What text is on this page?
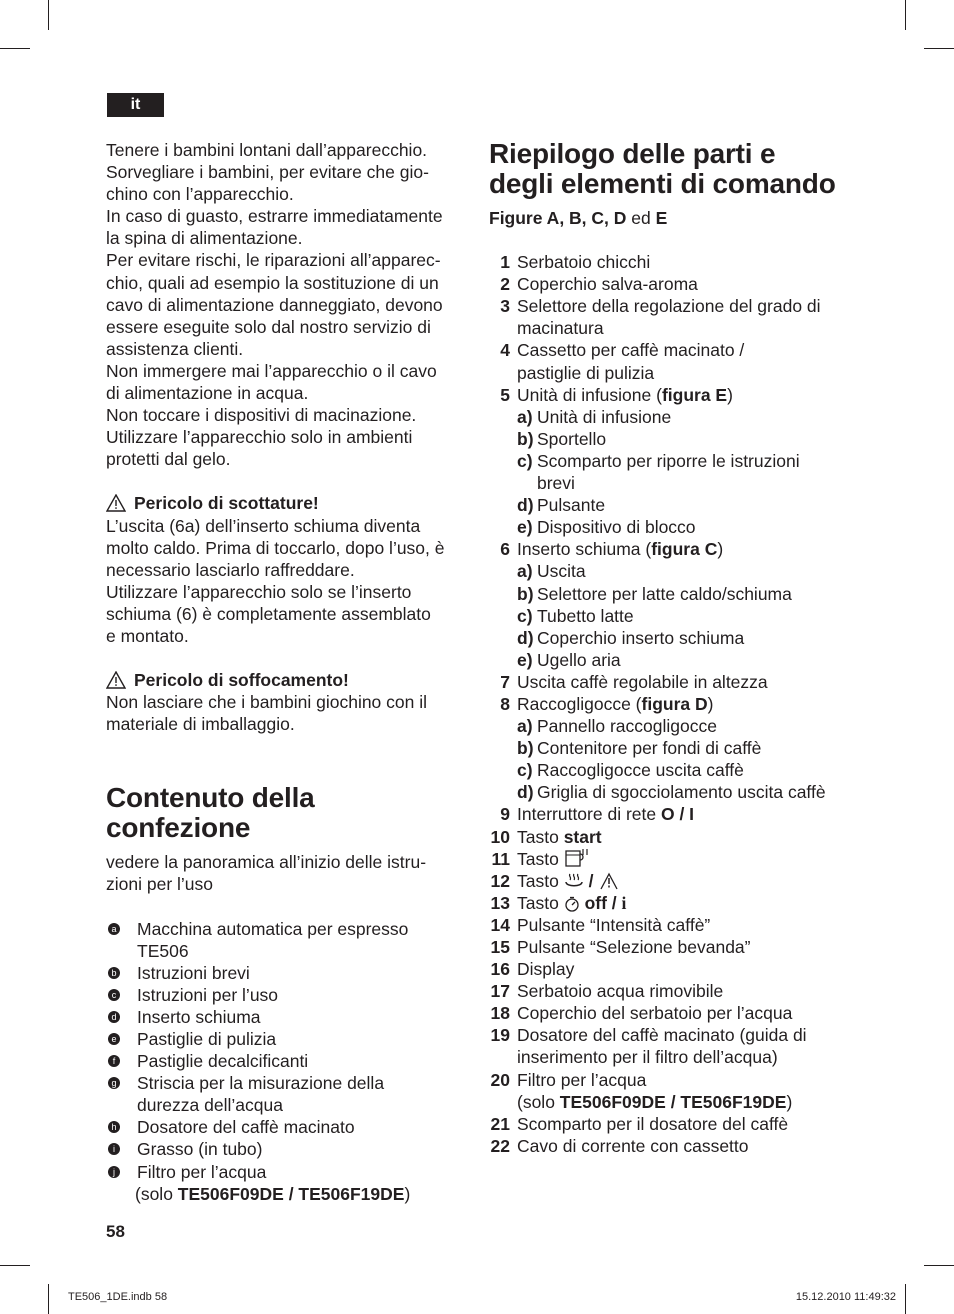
it
Tenere i bambini lontani dall’apparecchio.
Sorvegliare i bambini, per evitare che gio-
chino con l’apparecchio.
In caso di guasto, estrarre immediatamente
la spina di alimentazione.
Per evitare rischi, le riparazioni all’apparec-
chio, quali ad esempio la sostituzione di un
cavo di alimentazione danneggiato, devono
essere eseguite solo dal nostro servizio di
assistenza clienti.
Non immergere mai l’apparecchio o il cavo
di alimentazione in acqua.
Non toccare i dispositivi di macinazione.
Utilizzare l’apparecchio solo in ambienti
protetti dal gelo.
Pericolo di scottature!
L’uscita (6a) dell’inserto schiuma diventa
molto caldo. Prima di toccarlo, dopo l’uso, è
necessario lasciarlo raffreddare.
Utilizzare l’apparecchio solo se l’inserto
schiuma (6) è completamente assemblato
e montato.
Pericolo di soffocamento!
Non lasciare che i bambini giochino con il
materiale di imballaggio.
Contenuto della
confezione

vedere la panoramica all’inizio delle istru-
zioni per l’uso

a Macchina automatica per espresso
TE506
b Istruzioni brevi
c Istruzioni per l’uso
d Inserto schiuma
e Pastiglie di pulizia
f Pastiglie decalcificanti
g Striscia per la misurazione della
durezza dell’acqua
h Dosatore del caffè macinato
i Grasso (in tubo)
j Filtro per l’acqua
(solo TE506F09DE / TE506F19DE)
Riepilogo delle parti e
degli elementi di comando

Figure A, B, C, D ed E

1 Serbatoio chicchi
2 Coperchio salva-aroma
3 Selettore della regolazione del grado di
macinatura
4 Cassetto per caffè macinato /
pastiglie di pulizia
5 Unità di infusione (figura E)
a) Unità di infusione
b) Sportello
c) Scomparto per riporre le istruzioni
brevi
d) Pulsante
e) Dispositivo di blocco
6 Inserto schiuma (figura C)
a) Uscita
b) Selettore per latte caldo/schiuma
c) Tubetto latte
d) Coperchio inserto schiuma
e) Ugello aria
7 Uscita caffè regolabile in altezza
8 Raccogligocce (figura D)
a) Pannello raccogligocce
b) Contenitore per fondi di caffè
c) Raccogligocce uscita caffè
d) Griglia di sgocciolamento uscita caffè
9 Interruttore di rete O / I
10 Tasto start
11 Tasto
12 Tasto  /
13 Tasto  off / i
14 Pulsante “Intensità caffè”
15 Pulsante “Selezione bevanda”
16 Display
17 Serbatoio acqua rimovibile
18 Coperchio del serbatoio per l’acqua
19 Dosatore del caffè macinato (guida di
inserimento per il filtro dell’acqua)
20 Filtro per l’acqua
(solo TE506F09DE / TE506F19DE)
21 Scomparto per il dosatore del caffè
22 Cavo di corrente con cassetto
58
TE506_1DE.indb 58	15.12.2010 11:49:32
